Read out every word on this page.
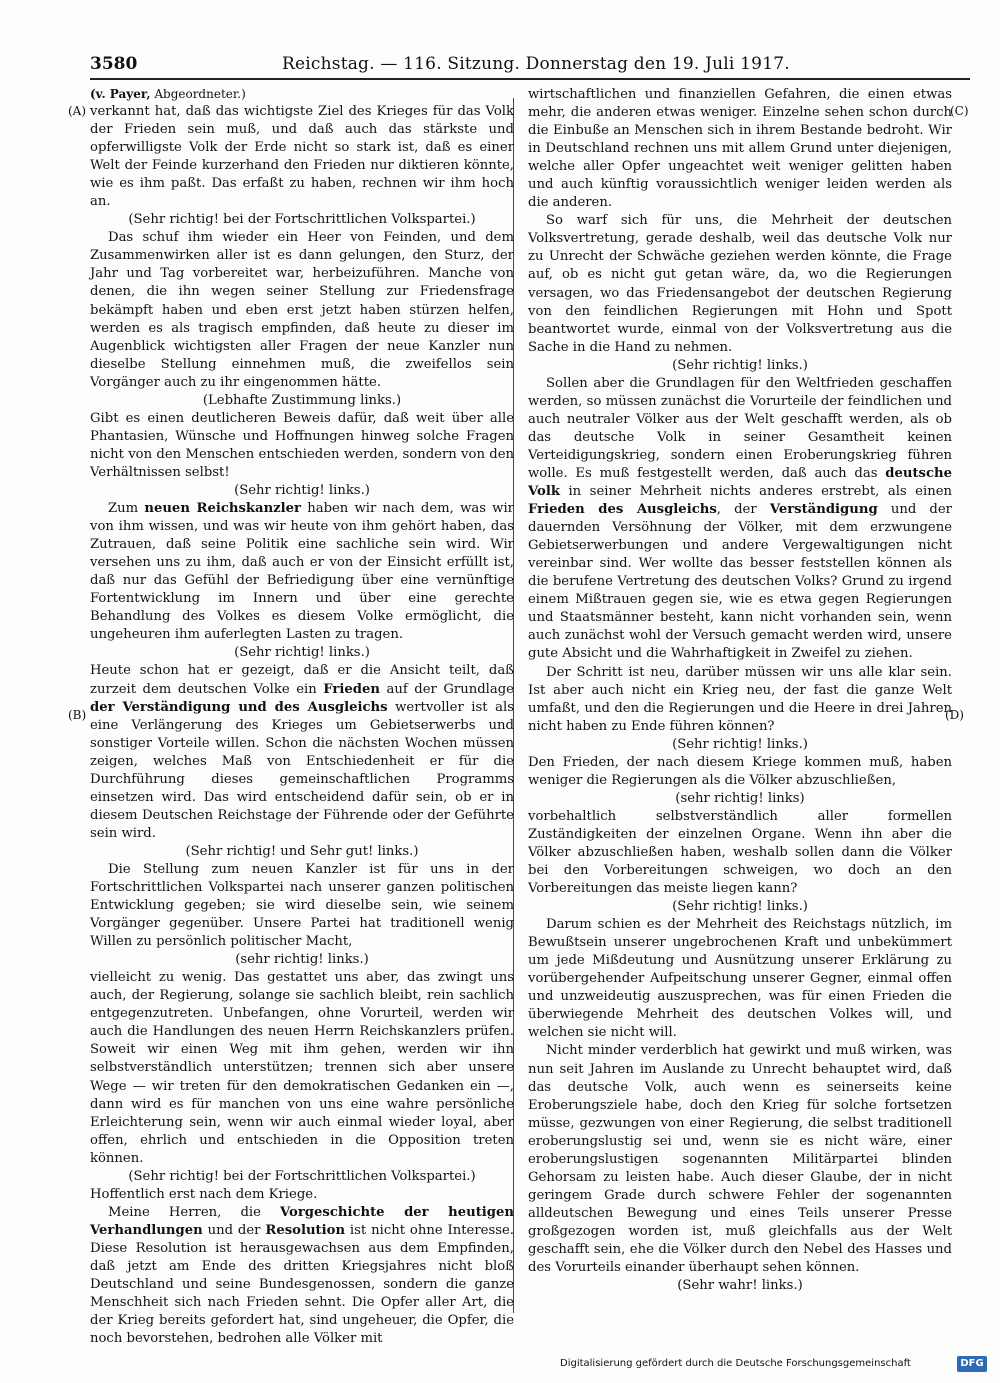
3580	Reichstag. — 116. Sitzung. Donnerstag den 19. Juli 1917.
(A)
(B)
(C)
(D)

(v. Payer, Abgeordneter.)

verkannt hat, daß das wichtigste Ziel des Krieges für das Volk der Frieden sein muß, und daß auch das stärkste und opferwilligste Volk der Erde nicht so stark ist, daß es einer Welt der Feinde kurzerhand den Frieden nur diktieren könnte, wie es ihm paßt. Das erfaßt zu haben, rechnen wir ihm hoch an.

(Sehr richtig! bei der Fortschrittlichen Volkspartei.)

Das schuf ihm wieder ein Heer von Feinden, und dem Zusammenwirken aller ist es dann gelungen, den Sturz, der Jahr und Tag vorbereitet war, herbeizuführen. Manche von denen, die ihn wegen seiner Stellung zur Friedensfrage bekämpft haben und eben erst jetzt haben stürzen helfen, werden es als tragisch empfinden, daß heute zu dieser im Augenblick wichtigsten aller Fragen der neue Kanzler nun dieselbe Stellung einnehmen muß, die zweifellos sein Vorgänger auch zu ihr eingenommen hätte.

(Lebhafte Zustimmung links.)

Gibt es einen deutlicheren Beweis dafür, daß weit über alle Phantasien, Wünsche und Hoffnungen hinweg solche Fragen nicht von den Menschen entschieden werden, sondern von den Verhältnissen selbst!

(Sehr richtig! links.)

Zum neuen Reichskanzler haben wir nach dem, was wir von ihm wissen, und was wir heute von ihm gehört haben, das Zutrauen, daß seine Politik eine sachliche sein wird. Wir versehen uns zu ihm, daß auch er von der Einsicht erfüllt ist, daß nur das Gefühl der Befriedigung über eine vernünftige Fortentwicklung im Innern und über eine gerechte Behandlung des Volkes es diesem Volke ermöglicht, die ungeheuren ihm auferlegten Lasten zu tragen.

(Sehr richtig! links.)

Heute schon hat er gezeigt, daß er die Ansicht teilt, daß zurzeit dem deutschen Volke ein Frieden auf der Grundlage der Verständigung und des Ausgleichs wertvoller ist als eine Verlängerung des Krieges um Gebietserwerbs und sonstiger Vorteile willen. Schon die nächsten Wochen müssen zeigen, welches Maß von Entschiedenheit er für die Durchführung dieses gemeinschaftlichen Programms einsetzen wird. Das wird entscheidend dafür sein, ob er in diesem Deutschen Reichstage der Führende oder der Geführte sein wird.

(Sehr richtig! und Sehr gut! links.)

Die Stellung zum neuen Kanzler ist für uns in der Fortschrittlichen Volkspartei nach unserer ganzen politischen Entwicklung gegeben; sie wird dieselbe sein, wie seinem Vorgänger gegenüber. Unsere Partei hat traditionell wenig Willen zu persönlich politischer Macht,

(sehr richtig! links.)

vielleicht zu wenig. Das gestattet uns aber, das zwingt uns auch, der Regierung, solange sie sachlich bleibt, rein sachlich entgegenzutreten. Unbefangen, ohne Vorurteil, werden wir auch die Handlungen des neuen Herrn Reichskanzlers prüfen. Soweit wir einen Weg mit ihm gehen, werden wir ihn selbstverständlich unterstützen; trennen sich aber unsere Wege — wir treten für den demokratischen Gedanken ein —, dann wird es für manchen von uns eine wahre persönliche Erleichterung sein, wenn wir auch einmal wieder loyal, aber offen, ehrlich und entschieden in die Opposition treten können.

(Sehr richtig! bei der Fortschrittlichen Volkspartei.)

Hoffentlich erst nach dem Kriege.

Meine Herren, die Vorgeschichte der heutigen Verhandlungen und der Resolution ist nicht ohne Interesse. Diese Resolution ist herausgewachsen aus dem Empfinden, daß jetzt am Ende des dritten Kriegsjahres nicht bloß Deutschland und seine Bundesgenossen, sondern die ganze Menschheit sich nach Frieden sehnt. Die Opfer aller Art, die der Krieg bereits gefordert hat, sind ungeheuer, die Opfer, die noch bevorstehen, bedrohen alle Völker mit

wirtschaftlichen und finanziellen Gefahren, die einen etwas mehr, die anderen etwas weniger. Einzelne sehen schon durch die Einbuße an Menschen sich in ihrem Bestande bedroht. Wir in Deutschland rechnen uns mit allem Grund unter diejenigen, welche aller Opfer ungeachtet weit weniger gelitten haben und auch künftig voraussichtlich weniger leiden werden als die anderen.

So warf sich für uns, die Mehrheit der deutschen Volksvertretung, gerade deshalb, weil das deutsche Volk nur zu Unrecht der Schwäche geziehen werden könnte, die Frage auf, ob es nicht gut getan wäre, da, wo die Regierungen versagen, wo das Friedensangebot der deutschen Regierung von den feindlichen Regierungen mit Hohn und Spott beantwortet wurde, einmal von der Volksvertretung aus die Sache in die Hand zu nehmen.

(Sehr richtig! links.)

Sollen aber die Grundlagen für den Weltfrieden geschaffen werden, so müssen zunächst die Vorurteile der feindlichen und auch neutraler Völker aus der Welt geschafft werden, als ob das deutsche Volk in seiner Gesamtheit keinen Verteidigungskrieg, sondern einen Eroberungskrieg führen wolle. Es muß festgestellt werden, daß auch das deutsche Volk in seiner Mehrheit nichts anderes erstrebt, als einen Frieden des Ausgleichs, der Verständigung und der dauernden Versöhnung der Völker, mit dem erzwungene Gebietserwerbungen und andere Vergewaltigungen nicht vereinbar sind. Wer wollte das besser feststellen können als die berufene Vertretung des deutschen Volks? Grund zu irgend einem Mißtrauen gegen sie, wie es etwa gegen Regierungen und Staatsmänner besteht, kann nicht vorhanden sein, wenn auch zunächst wohl der Versuch gemacht werden wird, unsere gute Absicht und die Wahrhaftigkeit in Zweifel zu ziehen.

Der Schritt ist neu, darüber müssen wir uns alle klar sein. Ist aber auch nicht ein Krieg neu, der fast die ganze Welt umfaßt, und den die Regierungen und die Heere in drei Jahren nicht haben zu Ende führen können?

(Sehr richtig! links.)

Den Frieden, der nach diesem Kriege kommen muß, haben weniger die Regierungen als die Völker abzuschließen,

(sehr richtig! links)

vorbehaltlich selbstverständlich aller formellen Zuständigkeiten der einzelnen Organe. Wenn ihn aber die Völker abzuschließen haben, weshalb sollen dann die Völker bei den Vorbereitungen schweigen, wo doch an den Vorbereitungen das meiste liegen kann?

(Sehr richtig! links.)

Darum schien es der Mehrheit des Reichstags nützlich, im Bewußtsein unserer ungebrochenen Kraft und unbekümmert um jede Mißdeutung und Ausnützung unserer Erklärung zu vorübergehender Aufpeitschung unserer Gegner, einmal offen und unzweideutig auszusprechen, was für einen Frieden die überwiegende Mehrheit des deutschen Volkes will, und welchen sie nicht will.

Nicht minder verderblich hat gewirkt und muß wirken, was nun seit Jahren im Auslande zu Unrecht behauptet wird, daß das deutsche Volk, auch wenn es seinerseits keine Eroberungsziele habe, doch den Krieg für solche fortsetzen müsse, gezwungen von einer Regierung, die selbst traditionell eroberungslustig sei und, wenn sie es nicht wäre, einer eroberungslustigen sogenannten Militärpartei blinden Gehorsam zu leisten habe. Auch dieser Glaube, der in nicht geringem Grade durch schwere Fehler der sogenannten alldeutschen Bewegung und eines Teils unserer Presse großgezogen worden ist, muß gleichfalls aus der Welt geschafft sein, ehe die Völker durch den Nebel des Hasses und des Vorurteils einander überhaupt sehen können.

(Sehr wahr! links.)

Digitalisierung gefördert durch die Deutsche Forschungsgemeinschaft	DFG
